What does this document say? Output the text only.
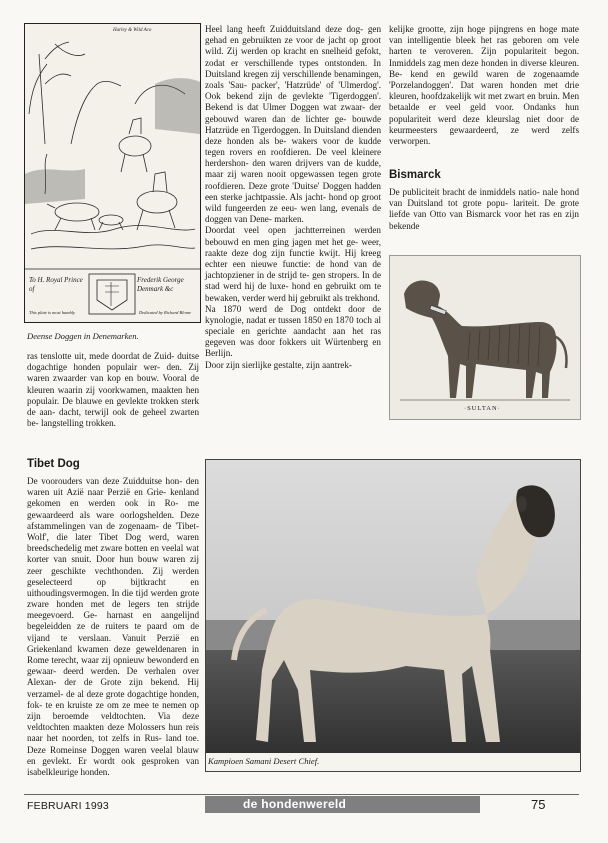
Harley & Wild Aco
To H. Royal Prince of
Frederik George Denmark &c
This plate is most humbly	Dedicated by Richard Blome
Deense Doggen in Denemarken.

ras tenslotte uit, mede doordat de Zuid- duitse dogachtige honden populair wer- den. Zij waren zwaarder van kop en bouw. Vooral de kleuren waarin zij voorkwamen, maakten hen populair. De blauwe en gevlekte trokken sterk de aan- dacht, terwijl ook de geheel zwarten be- langstelling trokken.

Tibet Dog

De voorouders van deze Zuidduitse hon- den waren uit Azië naar Perzië en Grie- kenland gekomen en werden ook in Ro- me gewaardeerd als ware oorlogshelden. Deze afstammelingen van de zogenaam- de 'Tibet-Wolf', die later Tibet Dog werd, waren breedschedelig met zware botten en veelal wat korter van snuit. Door hun bouw waren zij zeer geschikte vechthonden. Zij werden geselecteerd op	bijtkracht en uithoudingsvermogen. In die tijd werden grote zware honden met de legers ten strijde meegevoerd. Ge- harnast en aangelijnd begeleidden ze de ruiters te paard om de vijand te verslaan. Vanuit Perzië en Griekenland kwamen deze geweldenaren in Rome terecht, waar zij opnieuw bewonderd en gewaar- deerd werden. De verhalen over Alexan- der de Grote zijn bekend. Hij verzamel- de al deze grote dogachtige honden, fok- te en kruiste ze om ze mee te nemen op zijn beroemde veldtochten. Via deze veldtochten maakten deze Molossers hun reis naar het noorden, tot zelfs in Rus- land toe. Deze Romeinse Doggen waren veelal blauw en gevlekt. Er wordt ook gesproken van isabelkleurige honden.

Heel lang heeft Zuidduitsland deze dog- gen gehad en gebruikten ze voor de jacht op groot wild. Zij werden op kracht en snelheid gefokt, zodat er verschillende types ontstonden. In Duitsland kregen zij verschillende benamingen, zoals 'Sau- packer', 'Hatzrüde' of 'Ulmerdog'. Ook bekend zijn de gevlekte 'Tigerdoggen'. Bekend is dat Ulmer Doggen wat zwaar- der gebouwd waren dan de lichter ge- bouwde Hatzrüde en Tigerdoggen. In Duitsland dienden deze honden als be- wakers voor de kudde tegen rovers en roofdieren. De veel kleinere herdershon- den waren drijvers van de kudde, maar zij waren nooit opgewassen tegen grote roofdieren. Deze grote 'Duitse' Doggen hadden een sterke jachtpassie. Als jacht- hond op groot wild fungeerden ze eeu- wen lang, evenals de doggen van Dene- marken.

Doordat veel open jachtterreinen werden bebouwd en men ging jagen met het ge- weer, raakte deze dog zijn functie kwijt. Hij kreeg echter een nieuwe functie: de hond van de jachtopziener in de strijd te- gen stropers. In de stad werd hij de luxe- hond en gebruikt om te bewaken, verder werd hij gebruikt als trekhond.

Na 1870 werd de Dog ontdekt door de kynologie, nadat er tussen 1850 en 1870 toch al speciale en gerichte aandacht aan het ras gegeven was door fokkers uit Würtenberg en Berlijn.

Door zijn sierlijke gestalte, zijn aantrek-

kelijke grootte, zijn hoge pijngrens en hoge mate van intelligentie bleek het ras geboren om vele harten te veroveren. Zijn populariteit begon. Inmiddels zag men deze honden in diverse kleuren. Be- kend en gewild waren de zogenaamde 'Porzelandoggen'. Dat waren honden met drie kleuren, hoofdzakelijk wit met zwart en bruin. Men betaalde er veel geld voor. Ondanks hun populariteit werd deze kleurslag niet door de keurmeesters gewaardeerd, ze werd zelfs verworpen.

Bismarck

De publiciteit bracht de inmiddels natio- nale hond van Duitsland tot grote popu- lariteit. De grote liefde van Otto van Bismarck voor het ras en zijn bekende

·SULTAN·
Kampioen Samani Desert Chief.
FEBRUARI 1993	de hondenwereld	75
